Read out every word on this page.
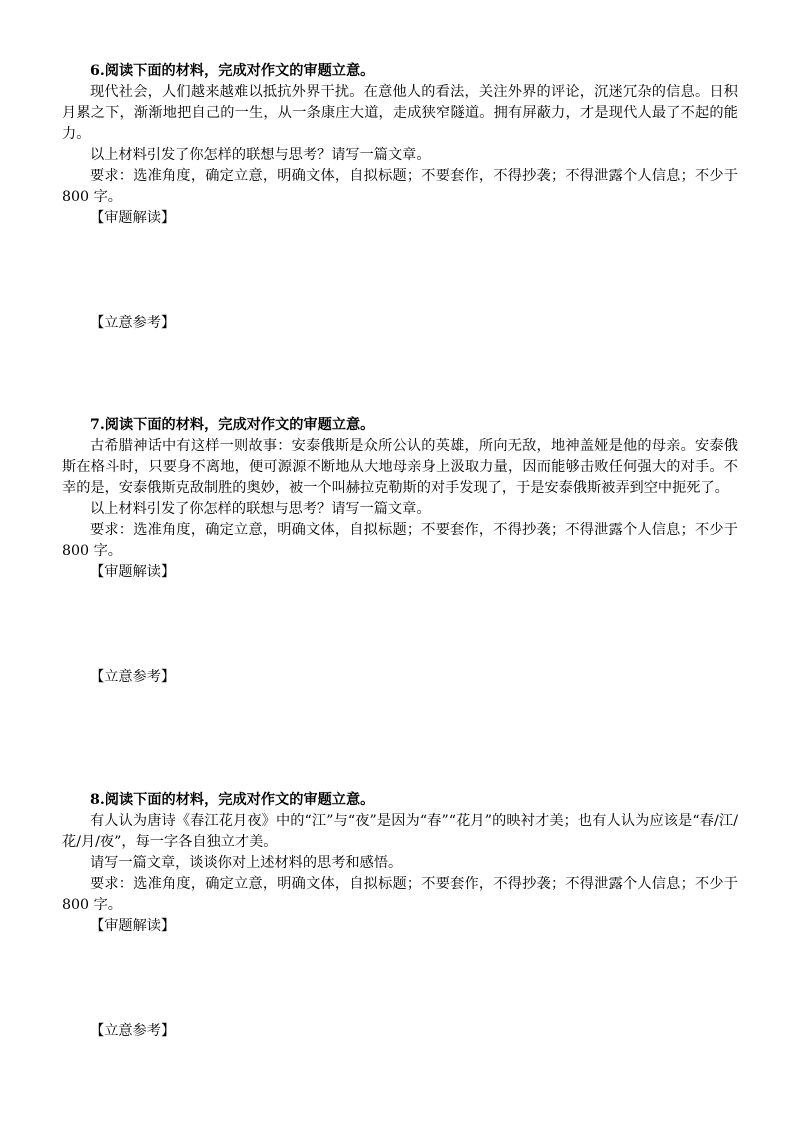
6.阅读下面的材料，完成对作文的审题立意。

现代社会，人们越来越难以抵抗外界干扰。在意他人的看法，关注外界的评论，沉迷冗杂的信息。日积月累之下，渐渐地把自己的一生，从一条康庄大道，走成狭窄隧道。拥有屏蔽力，才是现代人最了不起的能力。

以上材料引发了你怎样的联想与思考？请写一篇文章。

要求：选准角度，确定立意，明确文体，自拟标题；不要套作，不得抄袭；不得泄露个人信息；不少于 800 字。

【审题解读】

【立意参考】

7.阅读下面的材料，完成对作文的审题立意。

古希腊神话中有这样一则故事：安泰俄斯是众所公认的英雄，所向无敌，地神盖娅是他的母亲。安泰俄斯在格斗时，只要身不离地，便可源源不断地从大地母亲身上汲取力量，因而能够击败任何强大的对手。不幸的是，安泰俄斯克敌制胜的奥妙，被一个叫赫拉克勒斯的对手发现了，于是安泰俄斯被弄到空中扼死了。

以上材料引发了你怎样的联想与思考？请写一篇文章。

要求：选准角度，确定立意，明确文体，自拟标题；不要套作，不得抄袭；不得泄露个人信息；不少于 800 字。

【审题解读】

【立意参考】

8.阅读下面的材料，完成对作文的审题立意。

有人认为唐诗《春江花月夜》中的“江”与“夜”是因为“春”“花月”的映衬才美；也有人认为应该是“春/江/花/月/夜”，每一字各自独立才美。

请写一篇文章，谈谈你对上述材料的思考和感悟。

要求：选准角度，确定立意，明确文体，自拟标题；不要套作，不得抄袭；不得泄露个人信息；不少于 800 字。

【审题解读】

【立意参考】
